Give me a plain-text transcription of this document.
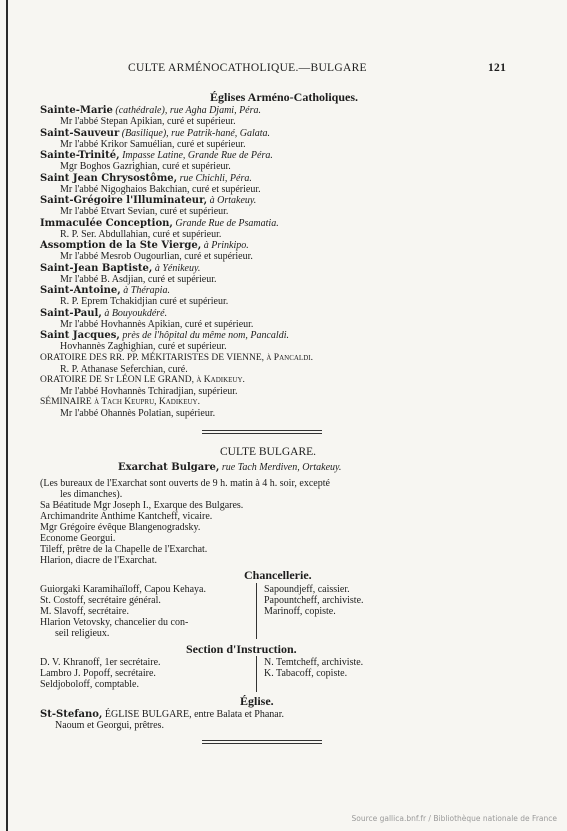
CULTE ARMÉNOCATHOLIQUE.—BULGARE	121
Églises Arméno-Catholiques.
Sainte-Marie (cathédrale), rue Agha Djami, Péra.
Mr l'abbé Stepan Apikian, curé et supérieur.
Saint-Sauveur (Basilique), rue Patrik-hané, Galata.
Mr l'abbé Krikor Samuélian, curé et supérieur.
Sainte-Trinité, Impasse Latine, Grande Rue de Péra.
Mgr Boghos Gazrighian, curé et supérieur.
Saint Jean Chrysostôme, rue Chichli, Péra.
Mr l'abbé Nigoghaios Bakchian, curé et supérieur.
Saint-Grégoire l'Illuminateur, à Ortakeuy.
Mr l'abbé Etvart Sevian, curé et supérieur.
Immaculée Conception, Grande Rue de Psamatia.
R. P. Ser. Abdullahian, curé et supérieur.
Assomption de la Ste Vierge, à Prinkipo.
Mr l'abbé Mesrob Ougourlian, curé et supérieur.
Saint-Jean Baptiste, à Yénikeuy.
Mr l'abbé B. Asdjian, curé et supérieur.
Saint-Antoine, à Thérapia.
R. P. Eprem Tchakidjian curé et supérieur.
Saint-Paul, à Bouyoukdéré.
Mr l'abbé Hovhannès Apikian, curé et supérieur.
Saint Jacques, près de l'hôpital du même nom, Pancaldi.
Hovhannès Zaghighian, curé et supérieur.
ORATOIRE DES RR. PP. MÉKITARISTES DE VIENNE, à Pancaldi.
R. P. Athanase Seferchian, curé.
ORATOIRE DE St LÉON LE GRAND, à Kadikeuy.
Mr l'abbé Hovhannès Tchiradjian, supérieur.
SÉMINAIRE à Tach Keupru, Kadikeuy.
Mr l'abbé Ohannès Polatian, supérieur.
CULTE BULGARE.
Exarchat Bulgare, rue Tach Merdiven, Ortakeuy.
(Les bureaux de l'Exarchat sont ouverts de 9 h. matin à 4 h. soir, excepté
les dimanches).
Sa Béatitude Mgr Joseph I., Exarque des Bulgares.
Archimandrite Anthime Kantcheff, vicaire.
Mgr Grégoire évêque Blangenogradsky.
Econome Georgui.
Tileff, prêtre de la Chapelle de l'Exarchat.
Hlarion, diacre de l'Exarchat.
Chancellerie.
Guiorgaki Karamihaïloff, Capou Kehaya.
St. Costoff, secrétaire général.
M. Slavoff, secrétaire.
Hlarion Vetovsky, chancelier du con-
seil religieux.
Sapoundjeff, caissier.
Papountcheff, archiviste.
Marinoff, copiste.
Section d'Instruction.
D. V. Khranoff, 1er secrétaire.
Lambro J. Popoff, secrétaire.
Seldjoboloff, comptable.
N. Temtcheff, archiviste.
K. Tabacoff, copiste.
Église.
St-Stefano, ÉGLISE BULGARE, entre Balata et Phanar.
Naoum et Georgui, prêtres.
Source gallica.bnf.fr / Bibliothèque nationale de France
